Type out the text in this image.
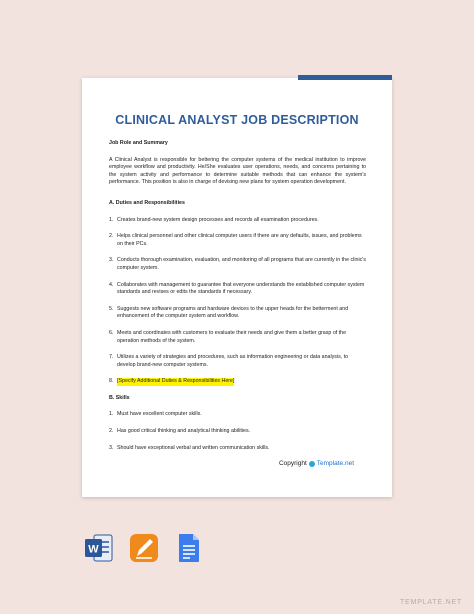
CLINICAL ANALYST JOB DESCRIPTION
Job Role and Summary
A Clinical Analyst is responsible for bettering the computer systems of the medical institution to improve employee workflow and productivity. He/She evaluates user operations, needs, and concerns pertaining to the system activity and performance to determine suitable methods that can enhance the system's performance. This position is also in charge of devising new plans for system operation development.
A. Duties and Responsibilities
1. Creates brand-new system design processes and records all examination procedures.
2. Helps clinical personnel and other clinical computer users if there are any defaults, issues, and problems on their PCs.
3. Conducts thorough examination, evaluation, and monitoring of all programs that are currently in the clinic's computer system.
4. Collaborates with management to guarantee that everyone understands the established computer system standards and revises or edits the standards if necessary.
5. Suggests new software programs and hardware devices to the upper heads for the betterment and enhancement of the computer system and workflow.
6. Meets and coordinates with customers to evaluate their needs and give them a better grasp of the operation methods of the system.
7. Utilizes a variety of strategies and procedures, such as information engineering or data analysis, to develop brand-new computer systems.
8. [Specify Additional Duties & Responsibilities Here]
B. Skills
1. Must have excellent computer skills.
2. Has good critical thinking and analytical thinking abilities.
3. Should have exceptional verbal and written communication skills.
Copyright Template.net
W
TEMPLATE.NET
